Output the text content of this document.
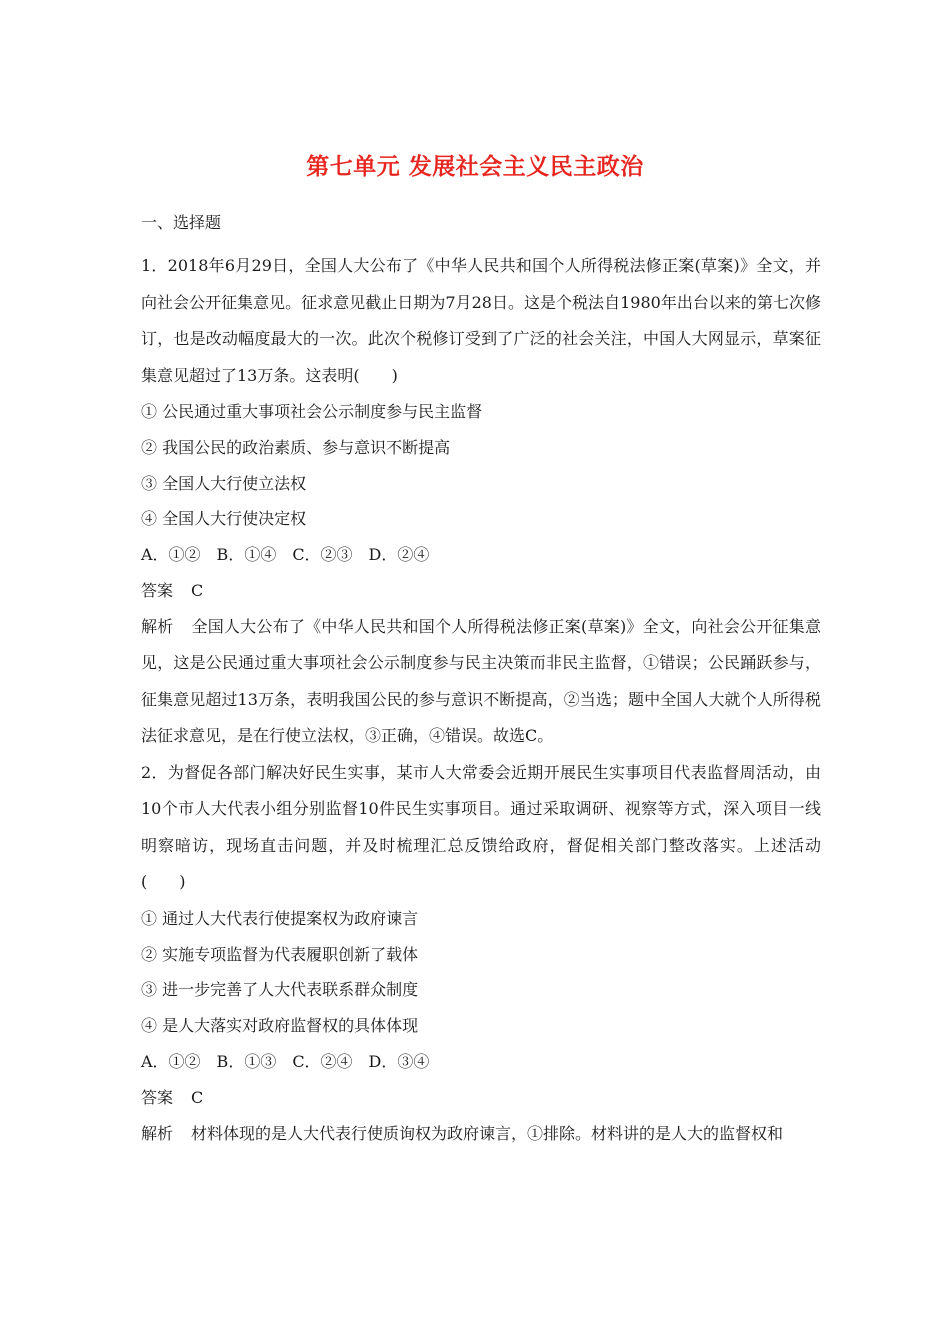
第七单元 发展社会主义民主政治

一、选择题

1．2018年6月29日，全国人大公布了《中华人民共和国个人所得税法修正案(草案)》全文，并向社会公开征集意见。征求意见截止日期为7月28日。这是个税法自1980年出台以来的第七次修订，也是改动幅度最大的一次。此次个税修订受到了广泛的社会关注，中国人大网显示，草案征集意见超过了13万条。这表明(　　)

① 公民通过重大事项社会公示制度参与民主监督

② 我国公民的政治素质、参与意识不断提高

③ 全国人大行使立法权

④ 全国人大行使决定权

A．①②　B．①④　C．②③　D．②④

答案 C

解析 全国人大公布了《中华人民共和国个人所得税法修正案(草案)》全文，向社会公开征集意见，这是公民通过重大事项社会公示制度参与民主决策而非民主监督，①错误；公民踊跃参与，征集意见超过13万条，表明我国公民的参与意识不断提高，②当选；题中全国人大就个人所得税法征求意见，是在行使立法权，③正确，④错误。故选C。

2．为督促各部门解决好民生实事，某市人大常委会近期开展民生实事项目代表监督周活动，由10个市人大代表小组分别监督10件民生实事项目。通过采取调研、视察等方式，深入项目一线明察暗访，现场直击问题，并及时梳理汇总反馈给政府，督促相关部门整改落实。上述活动(　　)

① 通过人大代表行使提案权为政府谏言

② 实施专项监督为代表履职创新了载体

③ 进一步完善了人大代表联系群众制度

④ 是人大落实对政府监督权的具体体现

A．①②　B．①③　C．②④　D．③④

答案 C

解析 材料体现的是人大代表行使质询权为政府谏言，①排除。材料讲的是人大的监督权和
